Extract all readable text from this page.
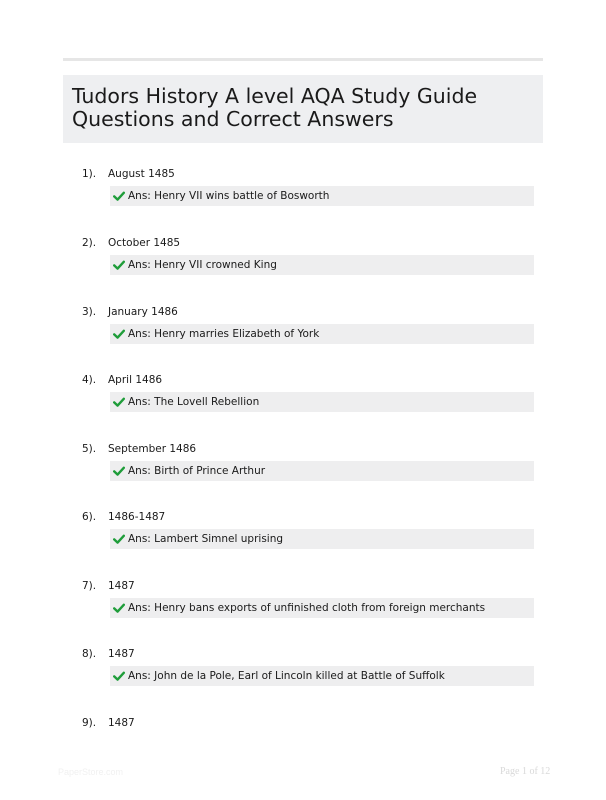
Tudors History A level AQA Study Guide
Questions and Correct Answers
1). August 1485
Ans: Henry VII wins battle of Bosworth
2). October 1485
Ans: Henry VII crowned King
3). January 1486
Ans: Henry marries Elizabeth of York
4). April 1486
Ans: The Lovell Rebellion
5). September 1486
Ans: Birth of Prince Arthur
6). 1486-1487
Ans: Lambert Simnel uprising
7). 1487
Ans: Henry bans exports of unfinished cloth from foreign merchants
8). 1487
Ans: John de la Pole, Earl of Lincoln killed at Battle of Suffolk
9). 1487
PaperStore.com	Page 1 of 12
